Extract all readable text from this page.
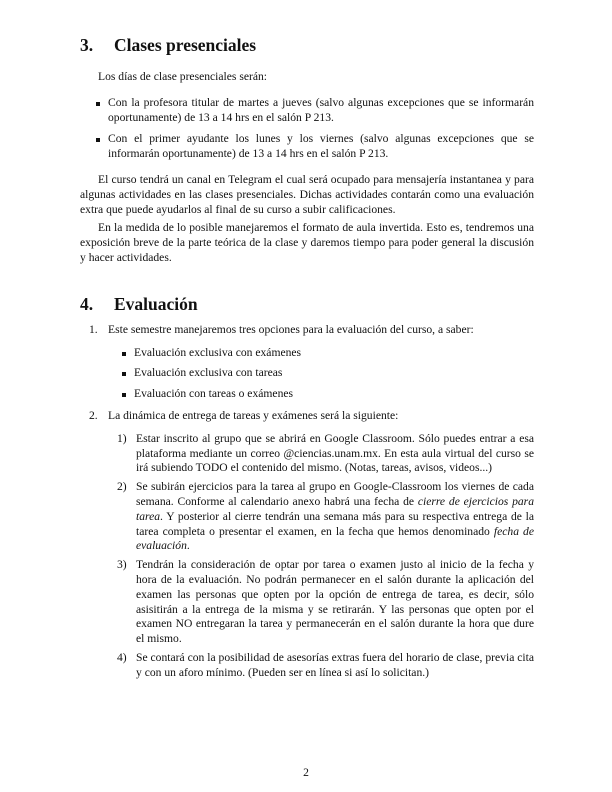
3. Clases presenciales

Los días de clase presenciales serán:

Con la profesora titular de martes a jueves (salvo algunas excepciones que se informarán oportunamente) de 13 a 14 hrs en el salón P 213.
Con el primer ayudante los lunes y los viernes (salvo algunas excepciones que se informarán oportunamente) de 13 a 14 hrs en el salón P 213.

El curso tendrá un canal en Telegram el cual será ocupado para mensajería instantanea y para algunas actividades en las clases presenciales. Dichas actividades contarán como una evaluación extra que puede ayudarlos al final de su curso a subir calificaciones.

En la medida de lo posible manejaremos el formato de aula invertida. Esto es, tendremos una exposición breve de la parte teórica de la clase y daremos tiempo para poder general la discusión y hacer actividades.

4. Evaluación
1. Este semestre manejaremos tres opciones para la evaluación del curso, a saber:
Evaluación exclusiva con exámenes
Evaluación exclusiva con tareas
Evaluación con tareas o exámenes
2. La dinámica de entrega de tareas y exámenes será la siguiente:
1) Estar inscrito al grupo que se abrirá en Google Classroom. Sólo puedes entrar a esa plataforma mediante un correo @ciencias.unam.mx. En esta aula virtual del curso se irá subiendo TODO el contenido del mismo. (Notas, tareas, avisos, videos...)
2) Se subirán ejercicios para la tarea al grupo en Google-Classroom los viernes de cada semana. Conforme al calendario anexo habrá una fecha de cierre de ejercicios para tarea. Y posterior al cierre tendrán una semana más para su respectiva entrega de la tarea completa o presentar el examen, en la fecha que hemos denominado fecha de evaluación.
3) Tendrán la consideración de optar por tarea o examen justo al inicio de la fecha y hora de la evaluación. No podrán permanecer en el salón durante la aplicación del examen las personas que opten por la opción de entrega de tarea, es decir, sólo asisitirán a la entrega de la misma y se retirarán. Y las personas que opten por el examen NO entregaran la tarea y permanecerán en el salón durante la hora que dure el mismo.
4) Se contará con la posibilidad de asesorías extras fuera del horario de clase, previa cita y con un aforo mínimo. (Pueden ser en línea si así lo solicitan.)
2
